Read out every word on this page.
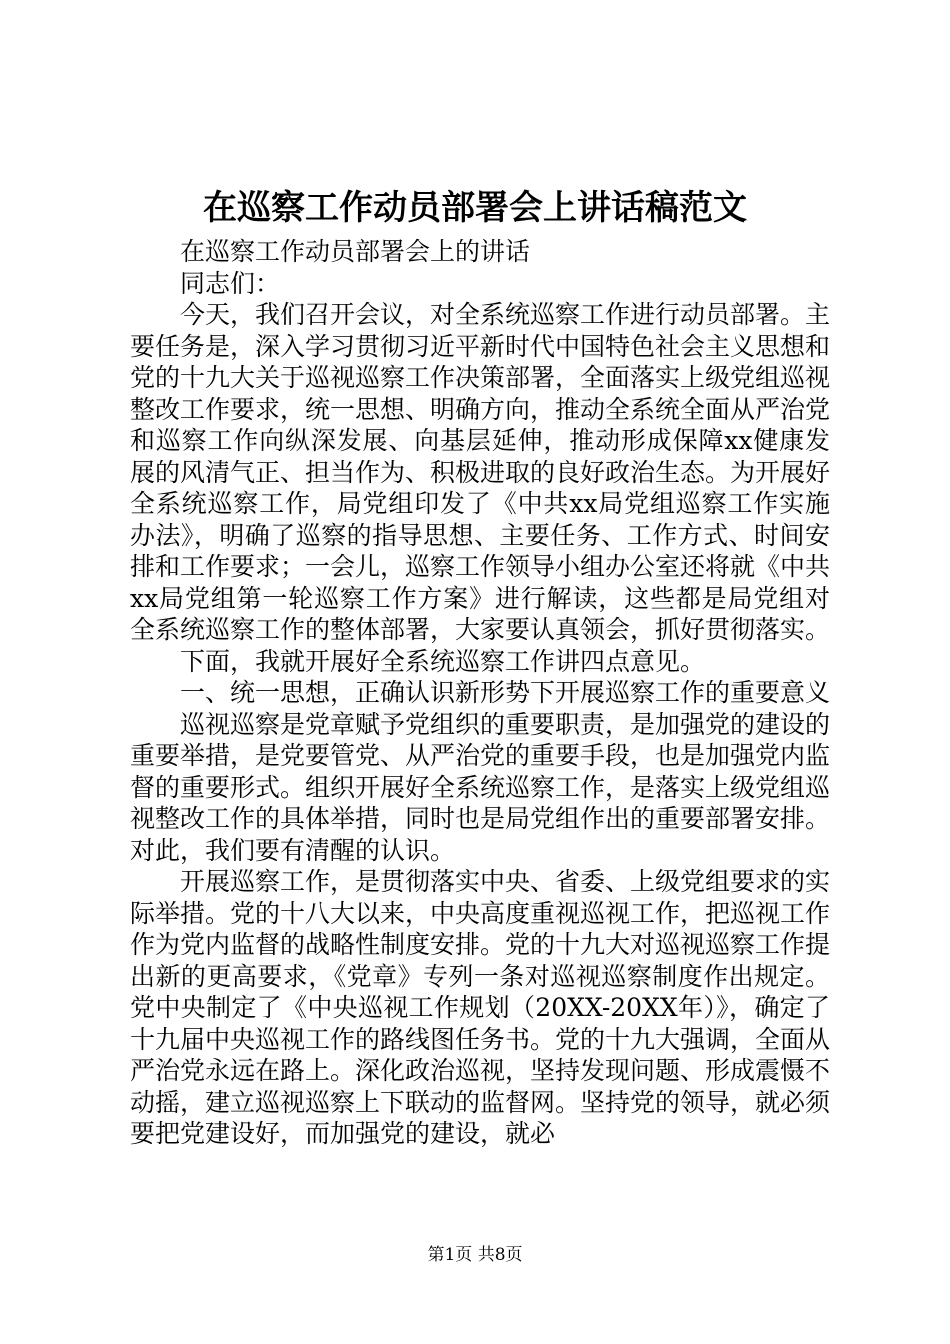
在巡察工作动员部署会上讲话稿范文

在巡察工作动员部署会上的讲话

同志们：

今天，我们召开会议，对全系统巡察工作进行动员部署。主要任务是，深入学习贯彻习近平新时代中国特色社会主义思想和党的十九大关于巡视巡察工作决策部署，全面落实上级党组巡视整改工作要求，统一思想、明确方向，推动全系统全面从严治党和巡察工作向纵深发展、向基层延伸，推动形成保障xx健康发展的风清气正、担当作为、积极进取的良好政治生态。为开展好全系统巡察工作，局党组印发了《中共xx局党组巡察工作实施办法》，明确了巡察的指导思想、主要任务、工作方式、时间安排和工作要求；一会儿，巡察工作领导小组办公室还将就《中共xx局党组第一轮巡察工作方案》进行解读，这些都是局党组对全系统巡察工作的整体部署，大家要认真领会，抓好贯彻落实。

下面，我就开展好全系统巡察工作讲四点意见。

一、统一思想，正确认识新形势下开展巡察工作的重要意义

巡视巡察是党章赋予党组织的重要职责，是加强党的建设的重要举措，是党要管党、从严治党的重要手段，也是加强党内监督的重要形式。组织开展好全系统巡察工作，是落实上级党组巡视整改工作的具体举措，同时也是局党组作出的重要部署安排。对此，我们要有清醒的认识。

开展巡察工作，是贯彻落实中央、省委、上级党组要求的实际举措。党的十八大以来，中央高度重视巡视工作，把巡视工作作为党内监督的战略性制度安排。党的十九大对巡视巡察工作提出新的更高要求，《党章》专列一条对巡视巡察制度作出规定。党中央制定了《中央巡视工作规划（20XX-20XX年）》，确定了十九届中央巡视工作的路线图任务书。党的十九大强调，全面从严治党永远在路上。深化政治巡视，坚持发现问题、形成震慑不动摇，建立巡视巡察上下联动的监督网。坚持党的领导，就必须要把党建设好，而加强党的建设，就必

第1页 共8页
